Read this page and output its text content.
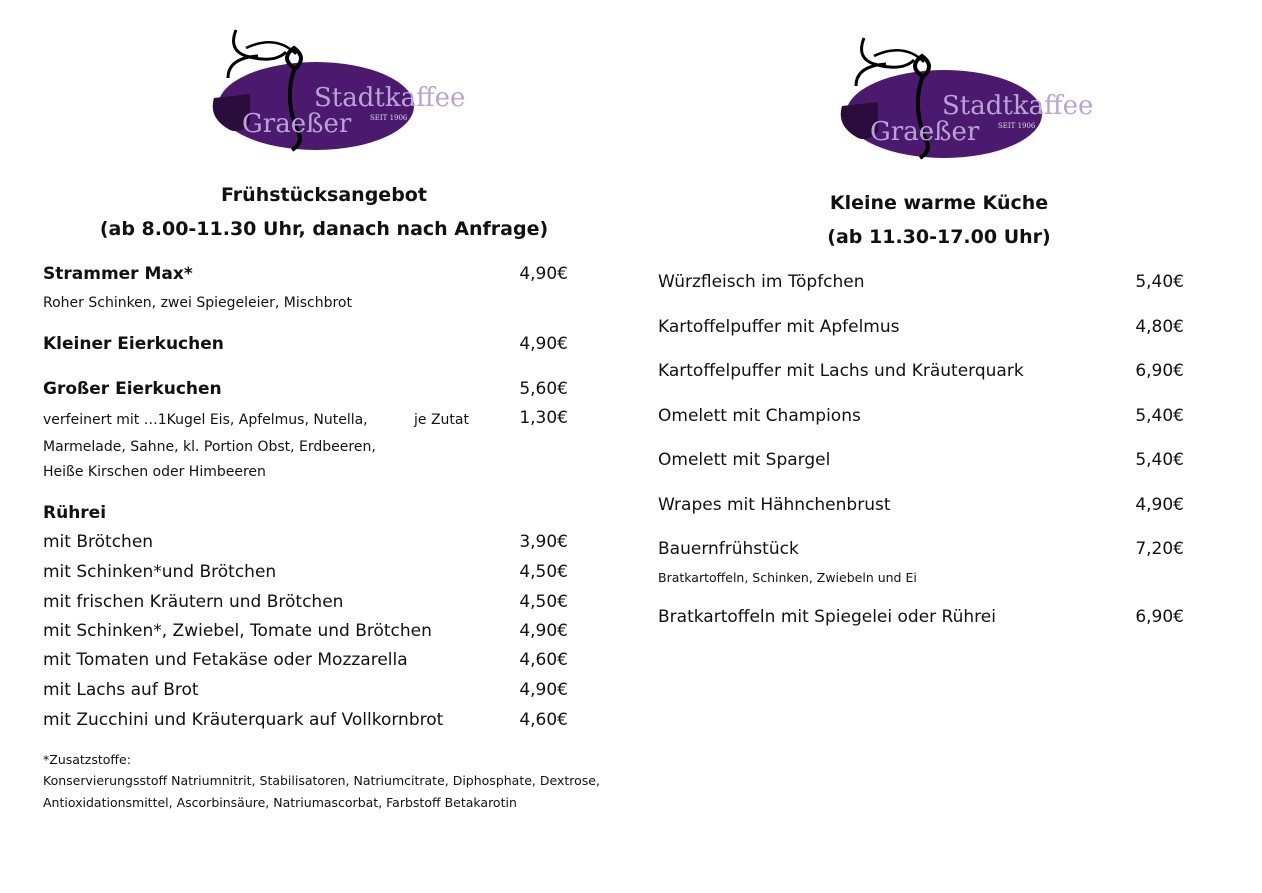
Stadtkaffee
Graeßer	SEIT 1906	Stadtkaffee
Graeßer	SEIT 1906
Frühstücksangebot
(ab 8.00-11.30 Uhr, danach nach Anfrage)
Strammer Max*	4,90€
Roher Schinken, zwei Spiegeleier, Mischbrot
Kleiner Eierkuchen	4,90€
Großer Eierkuchen	5,60€
verfeinert mit …1Kugel Eis, Apfelmus, Nutella,	je Zutat	1,30€
Marmelade, Sahne, kl. Portion Obst, Erdbeeren,
Heiße Kirschen oder Himbeeren
Rührei
mit Brötchen	3,90€
mit Schinken*und Brötchen	4,50€
mit frischen Kräutern und Brötchen	4,50€
mit Schinken*, Zwiebel, Tomate und Brötchen	4,90€
mit Tomaten und Fetakäse oder Mozzarella	4,60€
mit Lachs auf Brot	4,90€
mit Zucchini und Kräuterquark auf Vollkornbrot	4,60€
*Zusatzstoffe:
Konservierungsstoff Natriumnitrit, Stabilisatoren, Natriumcitrate, Diphosphate, Dextrose,
Antioxidationsmittel, Ascorbinsäure, Natriumascorbat, Farbstoff Betakarotin
Kleine warme Küche
(ab 11.30-17.00 Uhr)
Würzfleisch im Töpfchen	5,40€
Kartoffelpuffer mit Apfelmus	4,80€
Kartoffelpuffer mit Lachs und Kräuterquark	6,90€
Omelett mit Champions	5,40€
Omelett mit Spargel	5,40€
Wrapes mit Hähnchenbrust	4,90€
Bauernfrühstück	7,20€
Bratkartoffeln, Schinken, Zwiebeln und Ei
Bratkartoffeln mit Spiegelei oder Rührei	6,90€
